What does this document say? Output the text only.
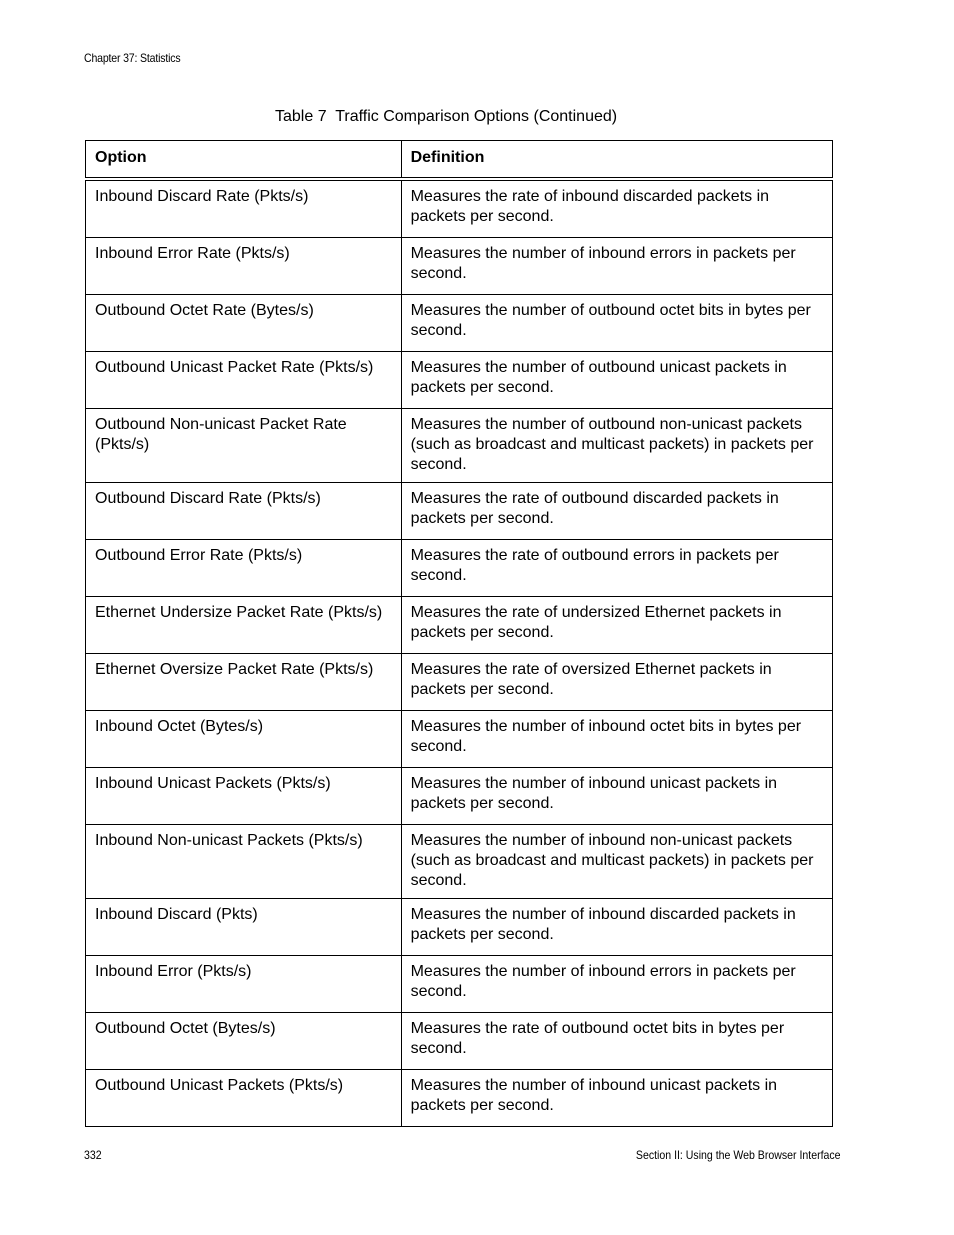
Chapter 37: Statistics
Table 7  Traffic Comparison Options (Continued)
Option	Definition
Inbound Discard Rate (Pkts/s)	Measures the rate of inbound discarded packets in packets per second.
Inbound Error Rate (Pkts/s)	Measures the number of inbound errors in packets per second.
Outbound Octet Rate (Bytes/s)	Measures the number of outbound octet bits in bytes per second.
Outbound Unicast Packet Rate (Pkts/s)	Measures the number of outbound unicast packets in packets per second.
Outbound Non-unicast Packet Rate (Pkts/s)	Measures the number of outbound non-unicast packets (such as broadcast and multicast packets) in packets per second.
Outbound Discard Rate (Pkts/s)	Measures the rate of outbound discarded packets in packets per second.
Outbound Error Rate (Pkts/s)	Measures the rate of outbound errors in packets per second.
Ethernet Undersize Packet Rate (Pkts/s)	Measures the rate of undersized Ethernet packets in packets per second.
Ethernet Oversize Packet Rate (Pkts/s)	Measures the rate of oversized Ethernet packets in packets per second.
Inbound Octet (Bytes/s)	Measures the number of inbound octet bits in bytes per second.
Inbound Unicast Packets (Pkts/s)	Measures the number of inbound unicast packets in packets per second.
Inbound Non-unicast Packets (Pkts/s)	Measures the number of inbound non-unicast packets (such as broadcast and multicast packets) in packets per second.
Inbound Discard (Pkts)	Measures the number of inbound discarded packets in packets per second.
Inbound Error (Pkts/s)	Measures the number of inbound errors in packets per second.
Outbound Octet (Bytes/s)	Measures the rate of outbound octet bits in bytes per second.
Outbound Unicast Packets (Pkts/s)	Measures the number of inbound unicast packets in packets per second.
332	Section II: Using the Web Browser Interface
